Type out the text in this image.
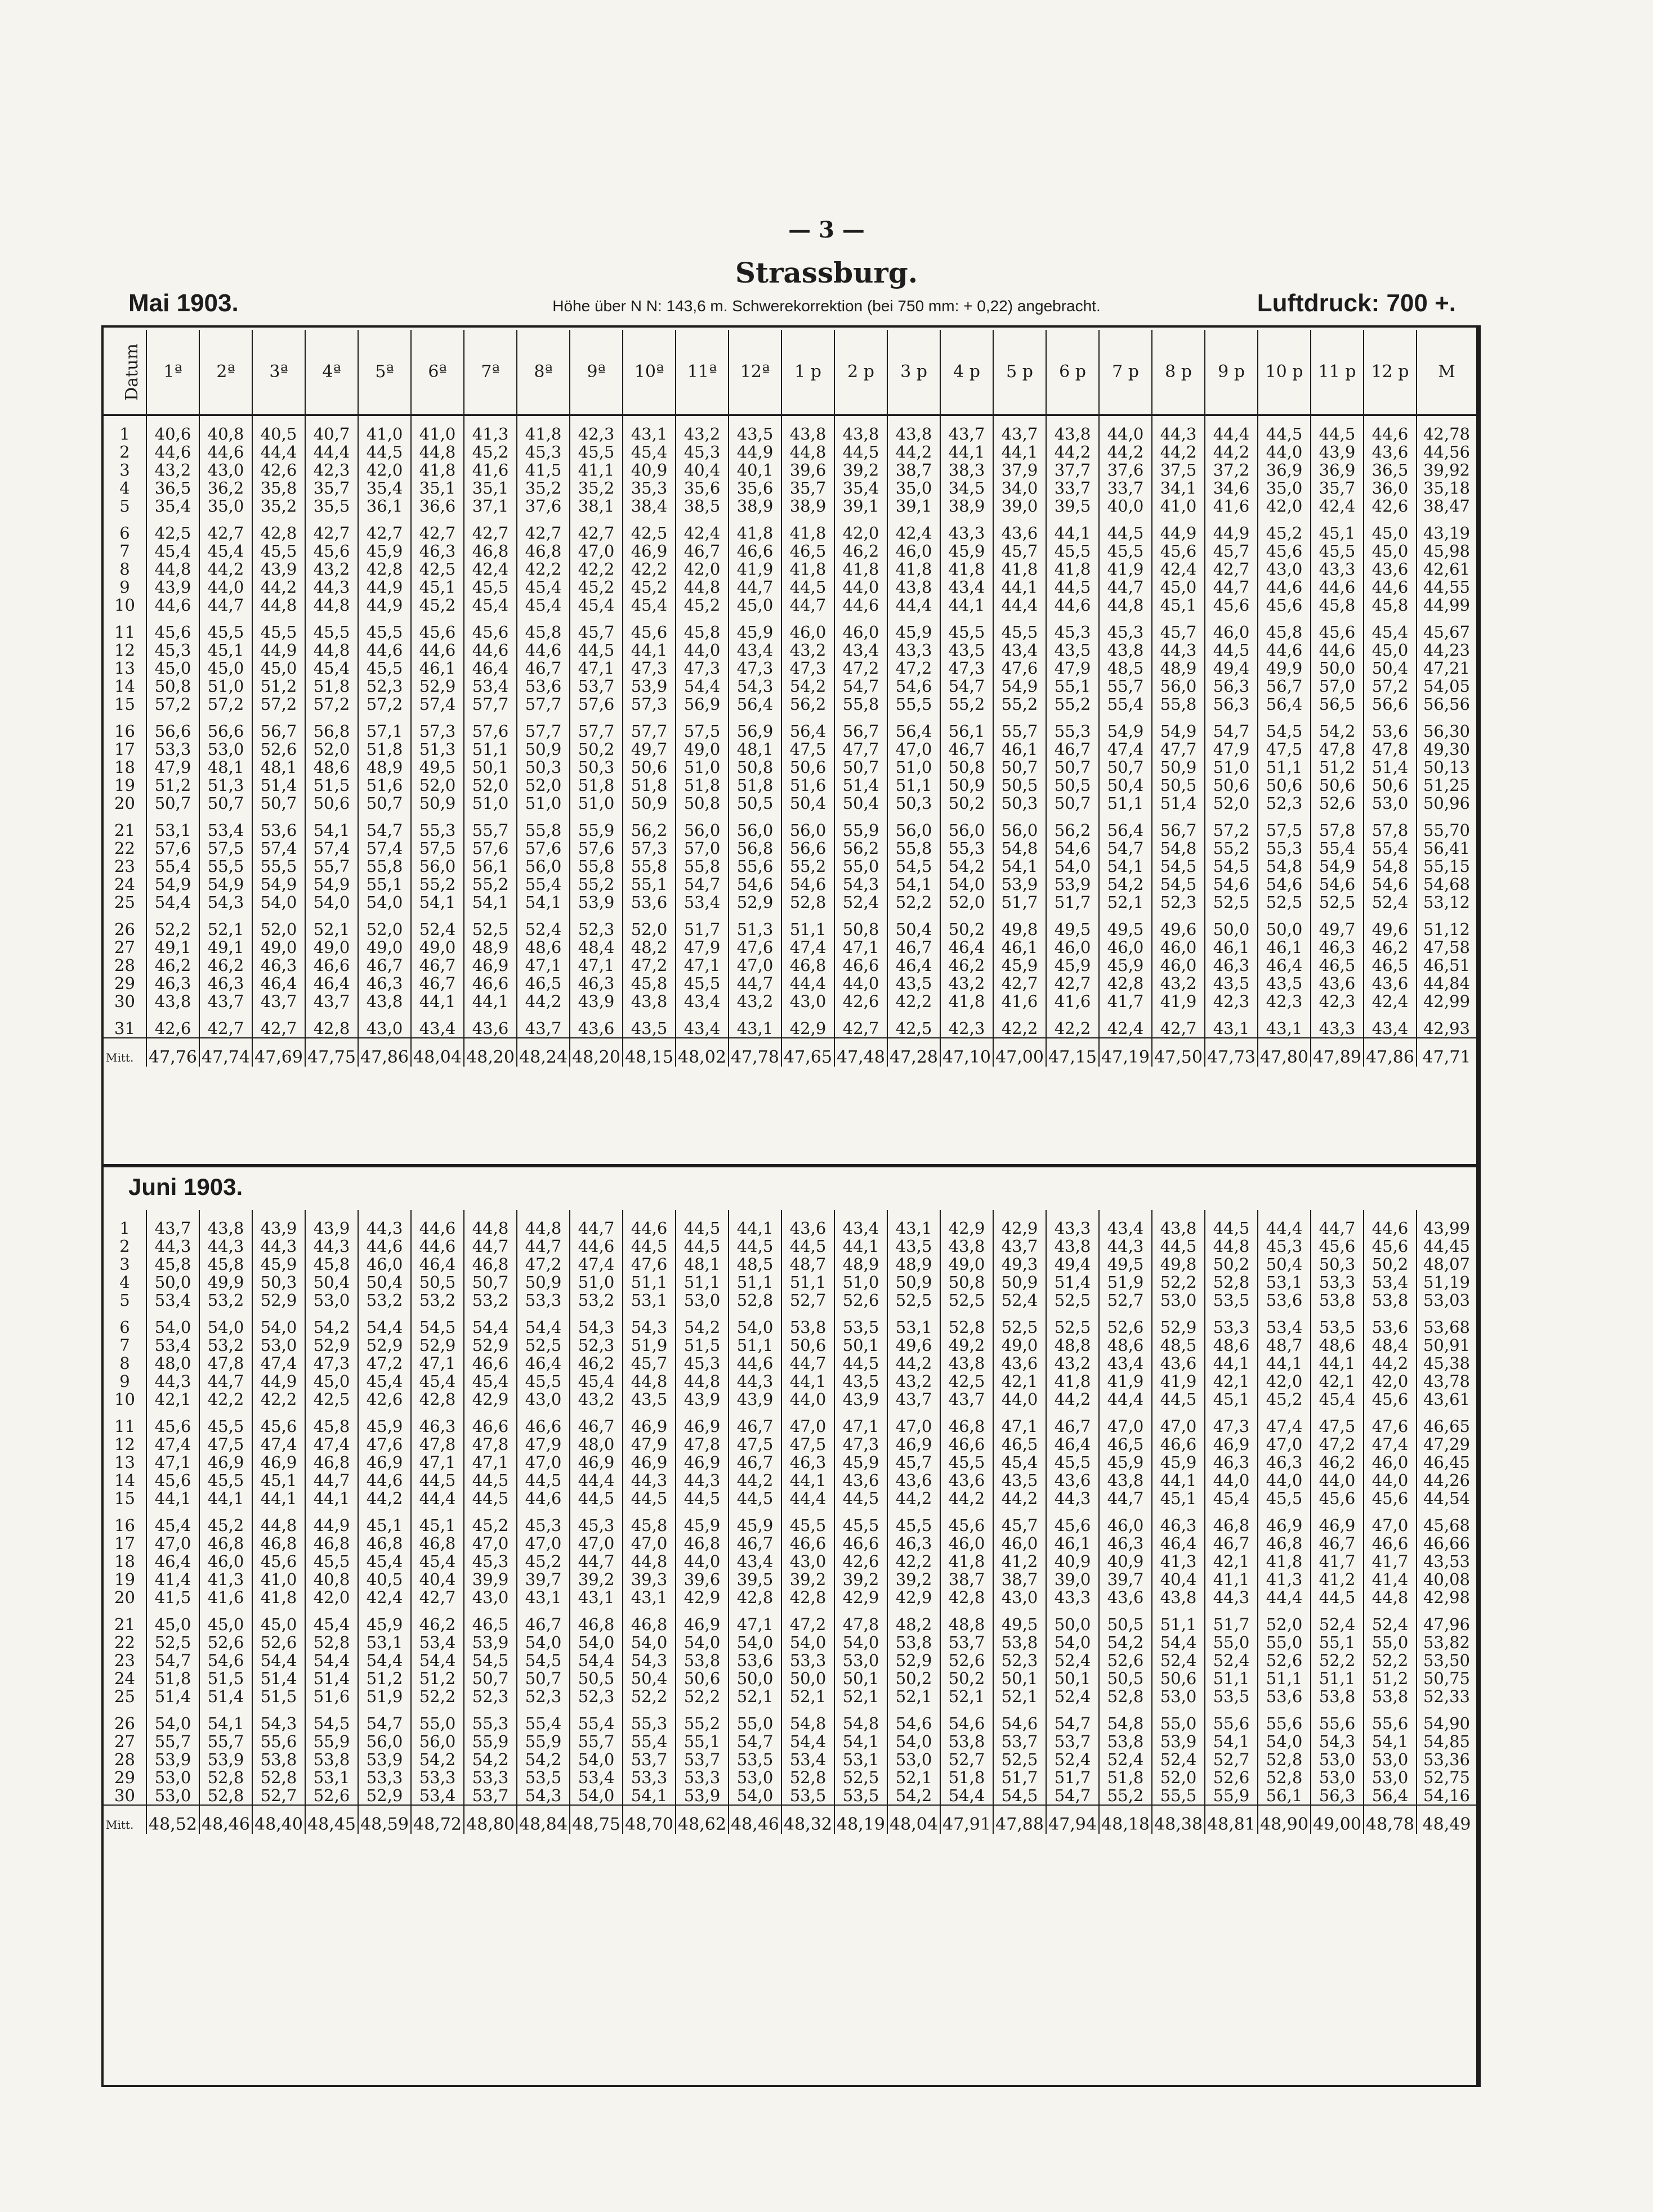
— 3 —
Strassburg.
Höhe über N N: 143,6 m. Schwerekorrektion (bei 750 mm: + 0,22) angebracht.
Mai 1903.	Luftdruck: 700 +.
Juni 1903.
Datum	1ª	2ª	3ª	4ª	5ª	6ª	7ª	8ª	9ª	10ª	11ª	12ª	1 p	2 p	3 p	4 p	5 p	6 p	7 p	8 p	9 p	10 p	11 p	12 p	M
1	40,6	40,8	40,5	40,7	41,0	41,0	41,3	41,8	42,3	43,1	43,2	43,5	43,8	43,8	43,8	43,7	43,7	43,8	44,0	44,3	44,4	44,5	44,5	44,6	42,78
2	44,6	44,6	44,4	44,4	44,5	44,8	45,2	45,3	45,5	45,4	45,3	44,9	44,8	44,5	44,2	44,1	44,1	44,2	44,2	44,2	44,2	44,0	43,9	43,6	44,56
3	43,2	43,0	42,6	42,3	42,0	41,8	41,6	41,5	41,1	40,9	40,4	40,1	39,6	39,2	38,7	38,3	37,9	37,7	37,6	37,5	37,2	36,9	36,9	36,5	39,92
4	36,5	36,2	35,8	35,7	35,4	35,1	35,1	35,2	35,2	35,3	35,6	35,6	35,7	35,4	35,0	34,5	34,0	33,7	33,7	34,1	34,6	35,0	35,7	36,0	35,18
5	35,4	35,0	35,2	35,5	36,1	36,6	37,1	37,6	38,1	38,4	38,5	38,9	38,9	39,1	39,1	38,9	39,0	39,5	40,0	41,0	41,6	42,0	42,4	42,6	38,47
6	42,5	42,7	42,8	42,7	42,7	42,7	42,7	42,7	42,7	42,5	42,4	41,8	41,8	42,0	42,4	43,3	43,6	44,1	44,5	44,9	44,9	45,2	45,1	45,0	43,19
7	45,4	45,4	45,5	45,6	45,9	46,3	46,8	46,8	47,0	46,9	46,7	46,6	46,5	46,2	46,0	45,9	45,7	45,5	45,5	45,6	45,7	45,6	45,5	45,0	45,98
8	44,8	44,2	43,9	43,2	42,8	42,5	42,4	42,2	42,2	42,2	42,0	41,9	41,8	41,8	41,8	41,8	41,8	41,8	41,9	42,4	42,7	43,0	43,3	43,6	42,61
9	43,9	44,0	44,2	44,3	44,9	45,1	45,5	45,4	45,2	45,2	44,8	44,7	44,5	44,0	43,8	43,4	44,1	44,5	44,7	45,0	44,7	44,6	44,6	44,6	44,55
10	44,6	44,7	44,8	44,8	44,9	45,2	45,4	45,4	45,4	45,4	45,2	45,0	44,7	44,6	44,4	44,1	44,4	44,6	44,8	45,1	45,6	45,6	45,8	45,8	44,99
11	45,6	45,5	45,5	45,5	45,5	45,6	45,6	45,8	45,7	45,6	45,8	45,9	46,0	46,0	45,9	45,5	45,5	45,3	45,3	45,7	46,0	45,8	45,6	45,4	45,67
12	45,3	45,1	44,9	44,8	44,6	44,6	44,6	44,6	44,5	44,1	44,0	43,4	43,2	43,4	43,3	43,5	43,4	43,5	43,8	44,3	44,5	44,6	44,6	45,0	44,23
13	45,0	45,0	45,0	45,4	45,5	46,1	46,4	46,7	47,1	47,3	47,3	47,3	47,3	47,2	47,2	47,3	47,6	47,9	48,5	48,9	49,4	49,9	50,0	50,4	47,21
14	50,8	51,0	51,2	51,8	52,3	52,9	53,4	53,6	53,7	53,9	54,4	54,3	54,2	54,7	54,6	54,7	54,9	55,1	55,7	56,0	56,3	56,7	57,0	57,2	54,05
15	57,2	57,2	57,2	57,2	57,2	57,4	57,7	57,7	57,6	57,3	56,9	56,4	56,2	55,8	55,5	55,2	55,2	55,2	55,4	55,8	56,3	56,4	56,5	56,6	56,56
16	56,6	56,6	56,7	56,8	57,1	57,3	57,6	57,7	57,7	57,7	57,5	56,9	56,4	56,7	56,4	56,1	55,7	55,3	54,9	54,9	54,7	54,5	54,2	53,6	56,30
17	53,3	53,0	52,6	52,0	51,8	51,3	51,1	50,9	50,2	49,7	49,0	48,1	47,5	47,7	47,0	46,7	46,1	46,7	47,4	47,7	47,9	47,5	47,8	47,8	49,30
18	47,9	48,1	48,1	48,6	48,9	49,5	50,1	50,3	50,3	50,6	51,0	50,8	50,6	50,7	51,0	50,8	50,7	50,7	50,7	50,9	51,0	51,1	51,2	51,4	50,13
19	51,2	51,3	51,4	51,5	51,6	52,0	52,0	52,0	51,8	51,8	51,8	51,8	51,6	51,4	51,1	50,9	50,5	50,5	50,4	50,5	50,6	50,6	50,6	50,6	51,25
20	50,7	50,7	50,7	50,6	50,7	50,9	51,0	51,0	51,0	50,9	50,8	50,5	50,4	50,4	50,3	50,2	50,3	50,7	51,1	51,4	52,0	52,3	52,6	53,0	50,96
21	53,1	53,4	53,6	54,1	54,7	55,3	55,7	55,8	55,9	56,2	56,0	56,0	56,0	55,9	56,0	56,0	56,0	56,2	56,4	56,7	57,2	57,5	57,8	57,8	55,70
22	57,6	57,5	57,4	57,4	57,4	57,5	57,6	57,6	57,6	57,3	57,0	56,8	56,6	56,2	55,8	55,3	54,8	54,6	54,7	54,8	55,2	55,3	55,4	55,4	56,41
23	55,4	55,5	55,5	55,7	55,8	56,0	56,1	56,0	55,8	55,8	55,8	55,6	55,2	55,0	54,5	54,2	54,1	54,0	54,1	54,5	54,5	54,8	54,9	54,8	55,15
24	54,9	54,9	54,9	54,9	55,1	55,2	55,2	55,4	55,2	55,1	54,7	54,6	54,6	54,3	54,1	54,0	53,9	53,9	54,2	54,5	54,6	54,6	54,6	54,6	54,68
25	54,4	54,3	54,0	54,0	54,0	54,1	54,1	54,1	53,9	53,6	53,4	52,9	52,8	52,4	52,2	52,0	51,7	51,7	52,1	52,3	52,5	52,5	52,5	52,4	53,12
26	52,2	52,1	52,0	52,1	52,0	52,4	52,5	52,4	52,3	52,0	51,7	51,3	51,1	50,8	50,4	50,2	49,8	49,5	49,5	49,6	50,0	50,0	49,7	49,6	51,12
27	49,1	49,1	49,0	49,0	49,0	49,0	48,9	48,6	48,4	48,2	47,9	47,6	47,4	47,1	46,7	46,4	46,1	46,0	46,0	46,0	46,1	46,1	46,3	46,2	47,58
28	46,2	46,2	46,3	46,6	46,7	46,7	46,9	47,1	47,1	47,2	47,1	47,0	46,8	46,6	46,4	46,2	45,9	45,9	45,9	46,0	46,3	46,4	46,5	46,5	46,51
29	46,3	46,3	46,4	46,4	46,3	46,7	46,6	46,5	46,3	45,8	45,5	44,7	44,4	44,0	43,5	43,2	42,7	42,7	42,8	43,2	43,5	43,5	43,6	43,6	44,84
30	43,8	43,7	43,7	43,7	43,8	44,1	44,1	44,2	43,9	43,8	43,4	43,2	43,0	42,6	42,2	41,8	41,6	41,6	41,7	41,9	42,3	42,3	42,3	42,4	42,99
31	42,6	42,7	42,7	42,8	43,0	43,4	43,6	43,7	43,6	43,5	43,4	43,1	42,9	42,7	42,5	42,3	42,2	42,2	42,4	42,7	43,1	43,1	43,3	43,4	42,93
Mitt.	47,76	47,74	47,69	47,75	47,86	48,04	48,20	48,24	48,20	48,15	48,02	47,78	47,65	47,48	47,28	47,10	47,00	47,15	47,19	47,50	47,73	47,80	47,89	47,86	47,71
1	43,7	43,8	43,9	43,9	44,3	44,6	44,8	44,8	44,7	44,6	44,5	44,1	43,6	43,4	43,1	42,9	42,9	43,3	43,4	43,8	44,5	44,4	44,7	44,6	43,99
2	44,3	44,3	44,3	44,3	44,6	44,6	44,7	44,7	44,6	44,5	44,5	44,5	44,5	44,1	43,5	43,8	43,7	43,8	44,3	44,5	44,8	45,3	45,6	45,6	44,45
3	45,8	45,8	45,9	45,8	46,0	46,4	46,8	47,2	47,4	47,6	48,1	48,5	48,7	48,9	48,9	49,0	49,3	49,4	49,5	49,8	50,2	50,4	50,3	50,2	48,07
4	50,0	49,9	50,3	50,4	50,4	50,5	50,7	50,9	51,0	51,1	51,1	51,1	51,1	51,0	50,9	50,8	50,9	51,4	51,9	52,2	52,8	53,1	53,3	53,4	51,19
5	53,4	53,2	52,9	53,0	53,2	53,2	53,2	53,3	53,2	53,1	53,0	52,8	52,7	52,6	52,5	52,5	52,4	52,5	52,7	53,0	53,5	53,6	53,8	53,8	53,03
6	54,0	54,0	54,0	54,2	54,4	54,5	54,4	54,4	54,3	54,3	54,2	54,0	53,8	53,5	53,1	52,8	52,5	52,5	52,6	52,9	53,3	53,4	53,5	53,6	53,68
7	53,4	53,2	53,0	52,9	52,9	52,9	52,9	52,5	52,3	51,9	51,5	51,1	50,6	50,1	49,6	49,2	49,0	48,8	48,6	48,5	48,6	48,7	48,6	48,4	50,91
8	48,0	47,8	47,4	47,3	47,2	47,1	46,6	46,4	46,2	45,7	45,3	44,6	44,7	44,5	44,2	43,8	43,6	43,2	43,4	43,6	44,1	44,1	44,1	44,2	45,38
9	44,3	44,7	44,9	45,0	45,4	45,4	45,4	45,5	45,4	44,8	44,8	44,3	44,1	43,5	43,2	42,5	42,1	41,8	41,9	41,9	42,1	42,0	42,1	42,0	43,78
10	42,1	42,2	42,2	42,5	42,6	42,8	42,9	43,0	43,2	43,5	43,9	43,9	44,0	43,9	43,7	43,7	44,0	44,2	44,4	44,5	45,1	45,2	45,4	45,6	43,61
11	45,6	45,5	45,6	45,8	45,9	46,3	46,6	46,6	46,7	46,9	46,9	46,7	47,0	47,1	47,0	46,8	47,1	46,7	47,0	47,0	47,3	47,4	47,5	47,6	46,65
12	47,4	47,5	47,4	47,4	47,6	47,8	47,8	47,9	48,0	47,9	47,8	47,5	47,5	47,3	46,9	46,6	46,5	46,4	46,5	46,6	46,9	47,0	47,2	47,4	47,29
13	47,1	46,9	46,9	46,8	46,9	47,1	47,1	47,0	46,9	46,9	46,9	46,7	46,3	45,9	45,7	45,5	45,4	45,5	45,9	45,9	46,3	46,3	46,2	46,0	46,45
14	45,6	45,5	45,1	44,7	44,6	44,5	44,5	44,5	44,4	44,3	44,3	44,2	44,1	43,6	43,6	43,6	43,5	43,6	43,8	44,1	44,0	44,0	44,0	44,0	44,26
15	44,1	44,1	44,1	44,1	44,2	44,4	44,5	44,6	44,5	44,5	44,5	44,5	44,4	44,5	44,2	44,2	44,2	44,3	44,7	45,1	45,4	45,5	45,6	45,6	44,54
16	45,4	45,2	44,8	44,9	45,1	45,1	45,2	45,3	45,3	45,8	45,9	45,9	45,5	45,5	45,5	45,6	45,7	45,6	46,0	46,3	46,8	46,9	46,9	47,0	45,68
17	47,0	46,8	46,8	46,8	46,8	46,8	47,0	47,0	47,0	47,0	46,8	46,7	46,6	46,6	46,3	46,0	46,0	46,1	46,3	46,4	46,7	46,8	46,7	46,6	46,66
18	46,4	46,0	45,6	45,5	45,4	45,4	45,3	45,2	44,7	44,8	44,0	43,4	43,0	42,6	42,2	41,8	41,2	40,9	40,9	41,3	42,1	41,8	41,7	41,7	43,53
19	41,4	41,3	41,0	40,8	40,5	40,4	39,9	39,7	39,2	39,3	39,6	39,5	39,2	39,2	39,2	38,7	38,7	39,0	39,7	40,4	41,1	41,3	41,2	41,4	40,08
20	41,5	41,6	41,8	42,0	42,4	42,7	43,0	43,1	43,1	43,1	42,9	42,8	42,8	42,9	42,9	42,8	43,0	43,3	43,6	43,8	44,3	44,4	44,5	44,8	42,98
21	45,0	45,0	45,0	45,4	45,9	46,2	46,5	46,7	46,8	46,8	46,9	47,1	47,2	47,8	48,2	48,8	49,5	50,0	50,5	51,1	51,7	52,0	52,4	52,4	47,96
22	52,5	52,6	52,6	52,8	53,1	53,4	53,9	54,0	54,0	54,0	54,0	54,0	54,0	54,0	53,8	53,7	53,8	54,0	54,2	54,4	55,0	55,0	55,1	55,0	53,82
23	54,7	54,6	54,4	54,4	54,4	54,4	54,5	54,5	54,4	54,3	53,8	53,6	53,3	53,0	52,9	52,6	52,3	52,4	52,6	52,4	52,4	52,6	52,2	52,2	53,50
24	51,8	51,5	51,4	51,4	51,2	51,2	50,7	50,7	50,5	50,4	50,6	50,0	50,0	50,1	50,2	50,2	50,1	50,1	50,5	50,6	51,1	51,1	51,1	51,2	50,75
25	51,4	51,4	51,5	51,6	51,9	52,2	52,3	52,3	52,3	52,2	52,2	52,1	52,1	52,1	52,1	52,1	52,1	52,4	52,8	53,0	53,5	53,6	53,8	53,8	52,33
26	54,0	54,1	54,3	54,5	54,7	55,0	55,3	55,4	55,4	55,3	55,2	55,0	54,8	54,8	54,6	54,6	54,6	54,7	54,8	55,0	55,6	55,6	55,6	55,6	54,90
27	55,7	55,7	55,6	55,9	56,0	56,0	55,9	55,9	55,7	55,4	55,1	54,7	54,4	54,1	54,0	53,8	53,7	53,7	53,8	53,9	54,1	54,0	54,3	54,1	54,85
28	53,9	53,9	53,8	53,8	53,9	54,2	54,2	54,2	54,0	53,7	53,7	53,5	53,4	53,1	53,0	52,7	52,5	52,4	52,4	52,4	52,7	52,8	53,0	53,0	53,36
29	53,0	52,8	52,8	53,1	53,3	53,3	53,3	53,5	53,4	53,3	53,3	53,0	52,8	52,5	52,1	51,8	51,7	51,7	51,8	52,0	52,6	52,8	53,0	53,0	52,75
30	53,0	52,8	52,7	52,6	52,9	53,4	53,7	54,3	54,0	54,1	53,9	54,0	53,5	53,5	54,2	54,4	54,5	54,7	55,2	55,5	55,9	56,1	56,3	56,4	54,16
Mitt.	48,52	48,46	48,40	48,45	48,59	48,72	48,80	48,84	48,75	48,70	48,62	48,46	48,32	48,19	48,04	47,91	47,88	47,94	48,18	48,38	48,81	48,90	49,00	48,78	48,49
